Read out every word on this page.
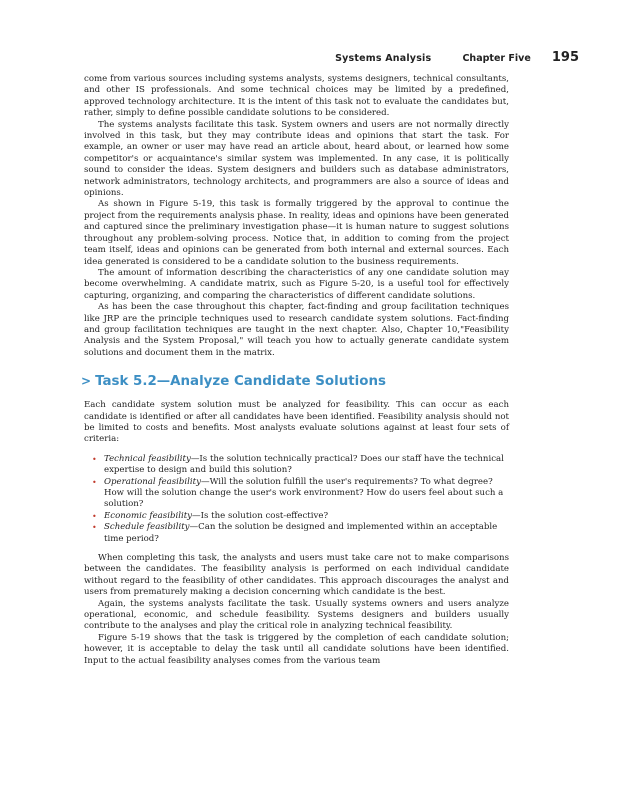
Systems Analysis	Chapter Five 195

come from various sources including systems analysts, systems designers, technical consultants, and other IS professionals. And some technical choices may be limited by a predefined, approved technology architecture. It is the intent of this task not to evaluate the candidates but, rather, simply to define possible candidate solutions to be considered.

The systems analysts facilitate this task. System owners and users are not normally directly involved in this task, but they may contribute ideas and opinions that start the task. For example, an owner or user may have read an article about, heard about, or learned how some competitor's or acquaintance's similar system was implemented. In any case, it is politically sound to consider the ideas. System designers and builders such as database administrators, network administrators, technology architects, and programmers are also a source of ideas and opinions.

As shown in Figure 5-19, this task is formally triggered by the approval to continue the project from the requirements analysis phase. In reality, ideas and opinions have been generated and captured since the preliminary investigation phase—it is human nature to suggest solutions throughout any problem-solving process. Notice that, in addition to coming from the project team itself, ideas and opinions can be generated from both internal and external sources. Each idea generated is considered to be a candidate solution to the business requirements.

The amount of information describing the characteristics of any one candidate solution may become overwhelming. A candidate matrix, such as Figure 5-20, is a useful tool for effectively capturing, organizing, and comparing the characteristics of different candidate solutions.

As has been the case throughout this chapter, fact-finding and group facilitation techniques like JRP are the principle techniques used to research candidate system solutions. Fact-finding and group facilitation techniques are taught in the next chapter. Also, Chapter 10,"Feasibility Analysis and the System Proposal," will teach you how to actually generate candidate system solutions and document them in the matrix.

> Task 5.2—Analyze Candidate Solutions

Each candidate system solution must be analyzed for feasibility. This can occur as each candidate is identified or after all candidates have been identified. Feasibility analysis should not be limited to costs and benefits. Most analysts evaluate solutions against at least four sets of criteria:

• Technical feasibility—Is the solution technically practical? Does our staff have the technical expertise to design and build this solution?
• Operational feasibility—Will the solution fulfill the user's requirements? To what degree? How will the solution change the user's work environment? How do users feel about such a solution?
• Economic feasibility—Is the solution cost-effective?
• Schedule feasibility—Can the solution be designed and implemented within an acceptable time period?

When completing this task, the analysts and users must take care not to make comparisons between the candidates. The feasibility analysis is performed on each individual candidate without regard to the feasibility of other candidates. This approach discourages the analyst and users from prematurely making a decision concerning which candidate is the best.

Again, the systems analysts facilitate the task. Usually systems owners and users analyze operational, economic, and schedule feasibility. Systems designers and builders usually contribute to the analyses and play the critical role in analyzing technical feasibility.

Figure 5-19 shows that the task is triggered by the completion of each candidate solution; however, it is acceptable to delay the task until all candidate solutions have been identified. Input to the actual feasibility analyses comes from the various team
